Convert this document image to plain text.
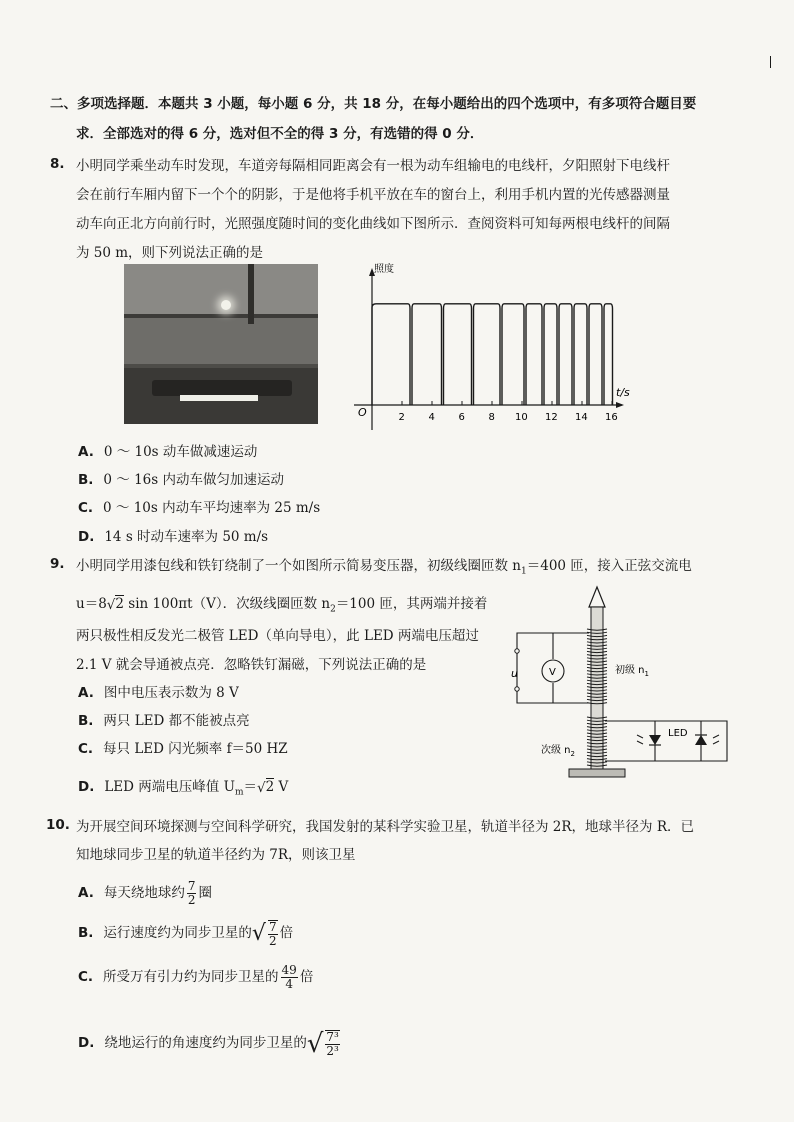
二、多项选择题．本题共 3 小题，每小题 6 分，共 18 分，在每小题给出的四个选项中，有多项符合题目要
求．全部选对的得 6 分，选对但不全的得 3 分，有选错的得 0 分．
8. 小明同学乘坐动车时发现，车道旁每隔相同距离会有一根为动车组输电的电线杆，夕阳照射下电线杆
会在前行车厢内留下一个个的阴影，于是他将手机平放在车的窗台上，利用手机内置的光传感器测量
动车向正北方向前行时，光照强度随时间的变化曲线如下图所示．查阅资料可知每两根电线杆的间隔
为 50 m，则下列说法正确的是
2 4 6 8 10 12 14 16
照度
t/s
O
A. 0 ～ 10s 动车做减速运动
B. 0 ～ 16s 内动车做匀加速运动
C. 0 ～ 10s 内动车平均速率为 25 m/s
D. 14 s 时动车速率为 50 m/s
9. 小明同学用漆包线和铁钉绕制了一个如图所示简易变压器，初级线圈匝数 $n_1=400$ 匝，接入正弦交流电
u＝8√2 sin 100πt（V）．次级线圈匝数 $n_2=100$ 匝，其两端并接着
两只极性相反发光二极管 LED（单向导电），此 LED 两端电压超过
2.1 V 就会导通被点亮．忽略铁钉漏磁，下列说法正确的是
A. 图中电压表示数为 8 V
B. 两只 LED 都不能被点亮
C. 每只 LED 闪光频率 f＝50 HZ
D. LED 两端电压峰值 $U_m=√2$ V
V
u	初级 $n_1$
LED
次级 $n_2$
10. 为开展空间环境探测与空间科学研究，我国发射的某科学实验卫星，轨道半径为 2R，地球半径为 R．已
知地球同步卫星的轨道半径约为 7R，则该卫星
A. 每天绕地球约 $\frac{7}{2}$ 圈
B. 运行速度约为同步卫星的√ $\frac{7}{2}$ 倍
C. 所受万有引力约为同步卫星的 $\frac{49}{4}$ 倍
D. 绕地运行的角速度约为同步卫星的√ $\frac{\text{7³}}{\text{2³}}$
